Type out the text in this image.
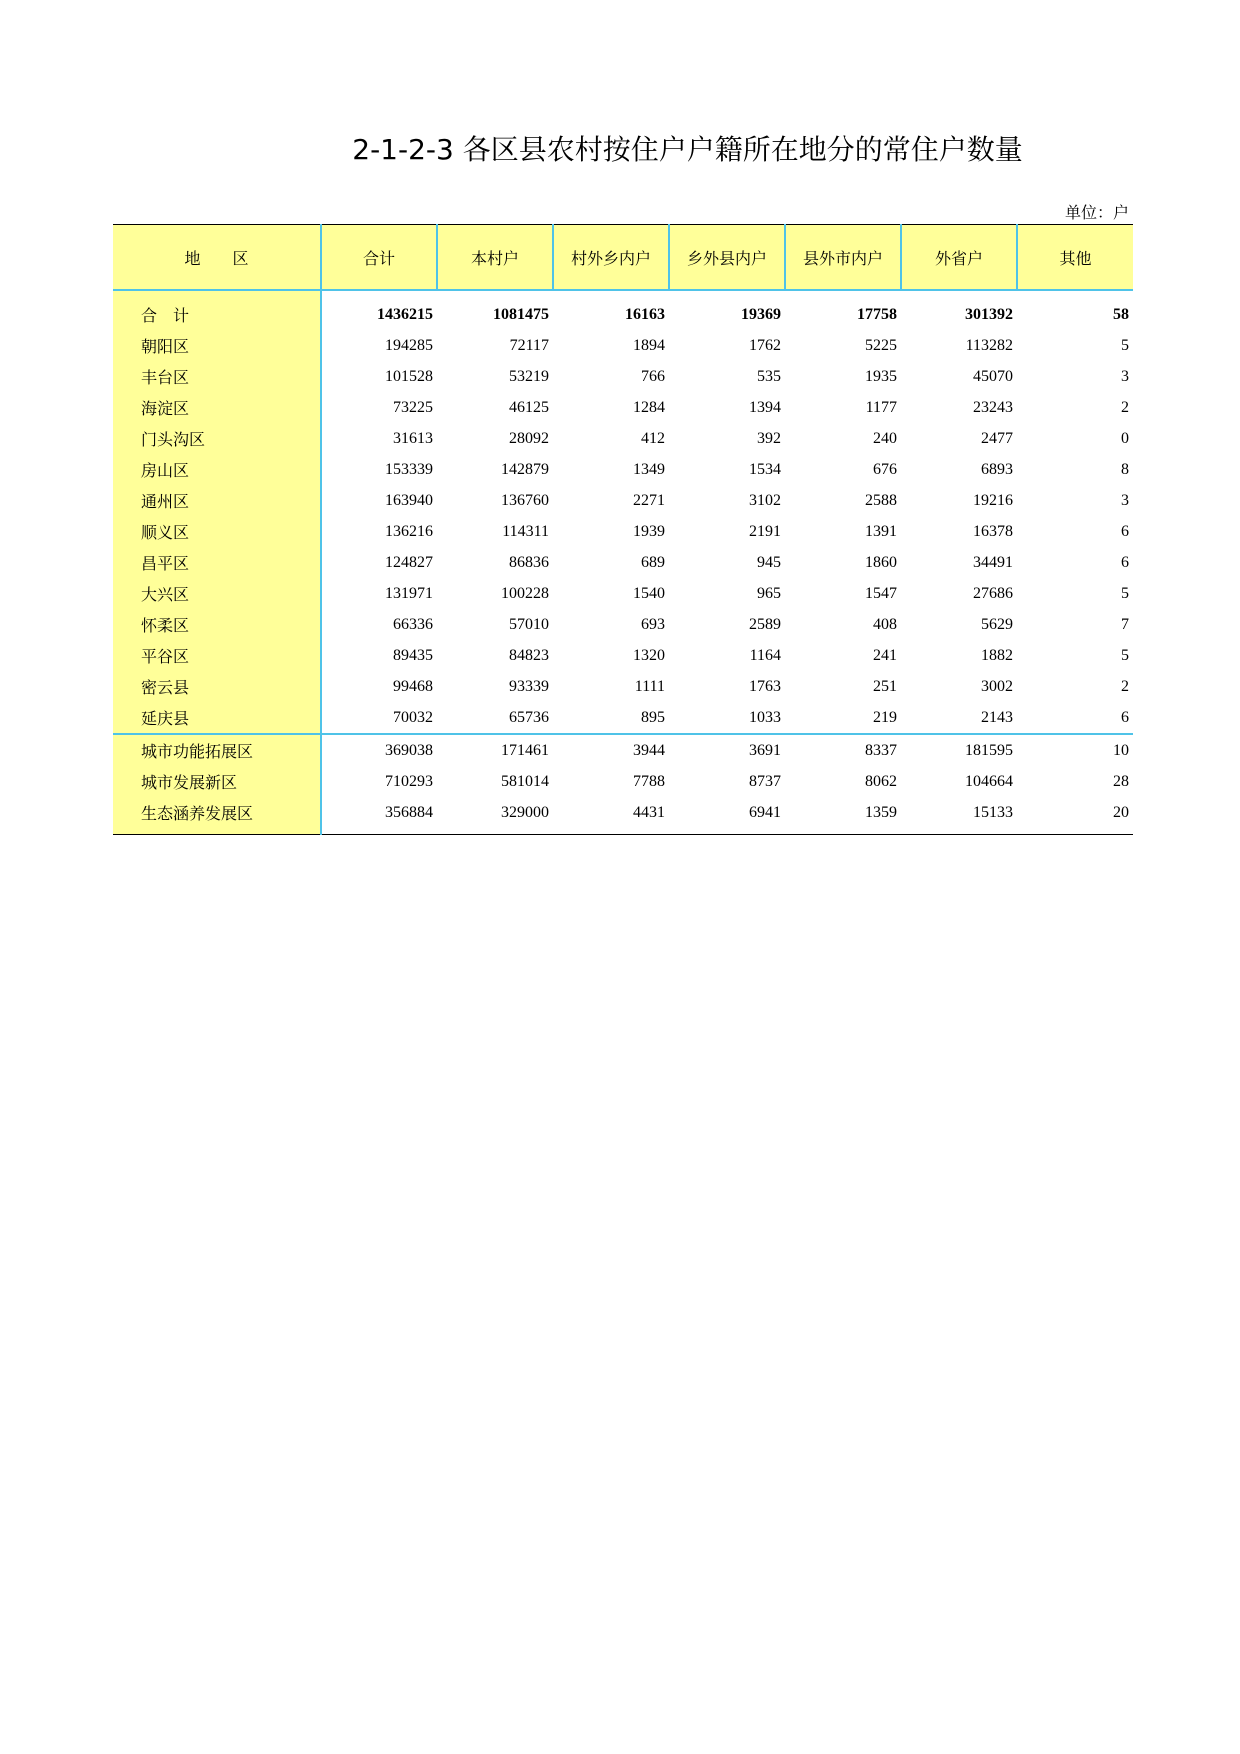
2-1-2-3 各区县农村按住户户籍所在地分的常住户数量
单位：户
地　　区	合计	本村户	村外乡内户	乡外县内户	县外市内户	外省户	其他
合　计	1436215	1081475	16163	19369	17758	301392	58
朝阳区	194285	72117	1894	1762	5225	113282	5
丰台区	101528	53219	766	535	1935	45070	3
海淀区	73225	46125	1284	1394	1177	23243	2
门头沟区	31613	28092	412	392	240	2477	0
房山区	153339	142879	1349	1534	676	6893	8
通州区	163940	136760	2271	3102	2588	19216	3
顺义区	136216	114311	1939	2191	1391	16378	6
昌平区	124827	86836	689	945	1860	34491	6
大兴区	131971	100228	1540	965	1547	27686	5
怀柔区	66336	57010	693	2589	408	5629	7
平谷区	89435	84823	1320	1164	241	1882	5
密云县	99468	93339	1111	1763	251	3002	2
延庆县	70032	65736	895	1033	219	2143	6
城市功能拓展区	369038	171461	3944	3691	8337	181595	10
城市发展新区	710293	581014	7788	8737	8062	104664	28
生态涵养发展区	356884	329000	4431	6941	1359	15133	20
